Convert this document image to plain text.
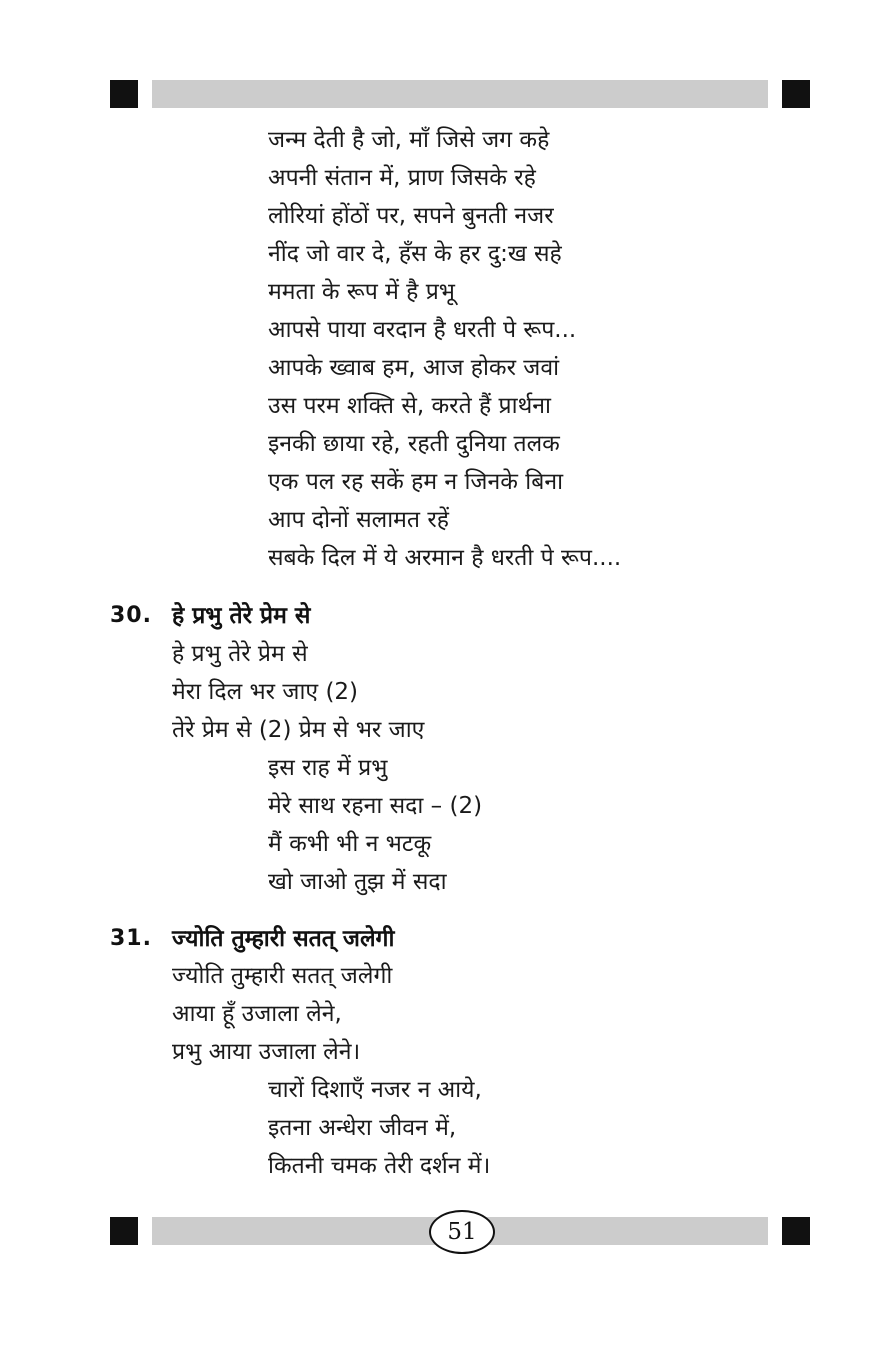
जन्म देती है जो, माँ जिसे जग कहे
अपनी संतान में, प्राण जिसके रहे
लोरियां होंठों पर, सपने बुनती नजर
नींद जो वार दे, हँस के हर दु:ख सहे
ममता के रूप में है प्रभू
आपसे पाया वरदान है धरती पे रूप...
आपके ख्वाब हम, आज होकर जवां
उस परम शक्ति से, करते हैं प्रार्थना
इनकी छाया रहे, रहती दुनिया तलक
एक पल रह सकें हम न जिनके बिना
आप दोनों सलामत रहें
सबके दिल में ये अरमान है धरती पे रूप....
30. हे प्रभु तेरे प्रेम से
हे प्रभु तेरे प्रेम से
मेरा दिल भर जाए (2)
तेरे प्रेम से (2) प्रेम से भर जाए
इस राह में प्रभु
मेरे साथ रहना सदा – (2)
मैं कभी भी न भटकू
खो जाओ तुझ में सदा
31. ज्योति तुम्हारी सतत् जलेगी
ज्योति तुम्हारी सतत् जलेगी
आया हूँ उजाला लेने,
प्रभु आया उजाला लेने।
चारों दिशाएँ नजर न आये,
इतना अन्धेरा जीवन में,
कितनी चमक तेरी दर्शन में।
51
